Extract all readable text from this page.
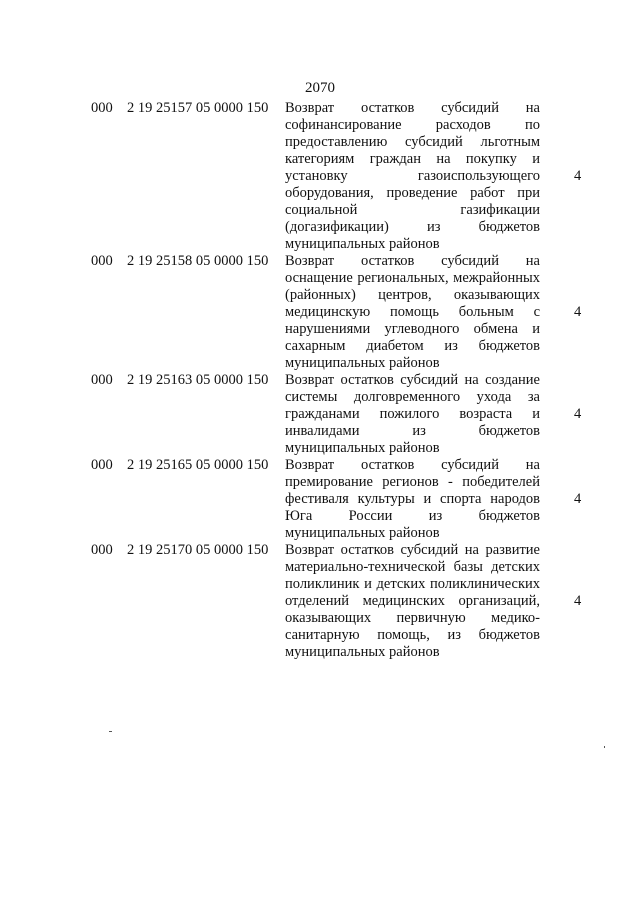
2070
000 2 19 25157 05 0000 150 Возврат остатков субсидий на софинансирование расходов по предоставлению субсидий льготным категориям граждан на покупку и установку газоиспользующего оборудования, проведение работ при социальной газификации (догазификации) из бюджетов муниципальных районов
4
000 2 19 25158 05 0000 150 Возврат остатков субсидий на оснащение региональных, межрайонных (районных) центров, оказывающих медицинскую помощь больным с нарушениями углеводного обмена и сахарным диабетом из бюджетов муниципальных районов
4
000 2 19 25163 05 0000 150 Возврат остатков субсидий на создание системы долговременного ухода за гражданами пожилого возраста и инвалидами из бюджетов муниципальных районов
4
000 2 19 25165 05 0000 150 Возврат остатков субсидий на премирование регионов - победителей фестиваля культуры и спорта народов Юга России из бюджетов муниципальных районов
4
000 2 19 25170 05 0000 150 Возврат остатков субсидий на развитие материально-технической базы детских поликлиник и детских поликлинических отделений медицинских организаций, оказывающих первичную медико-санитарную помощь, из бюджетов муниципальных районов
4
